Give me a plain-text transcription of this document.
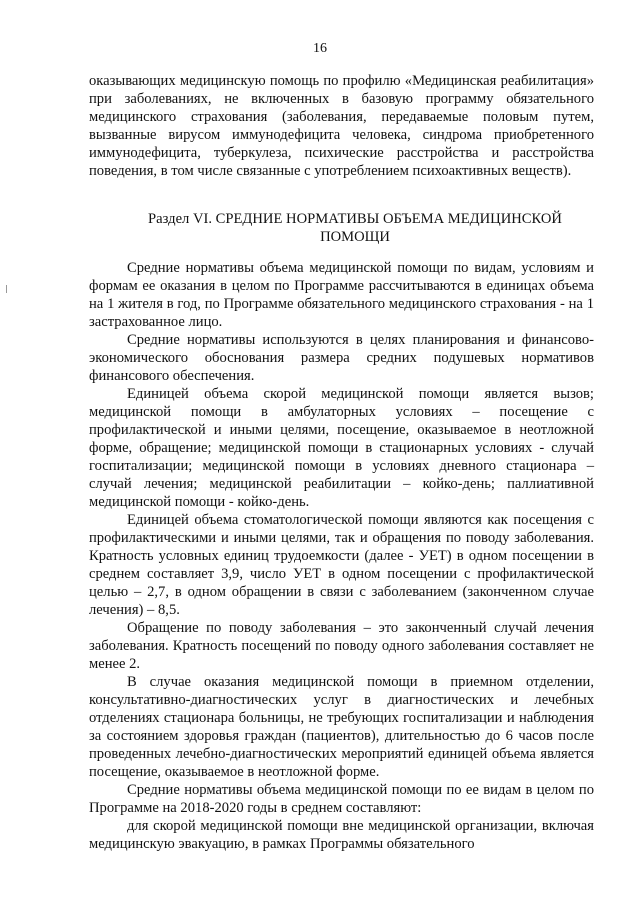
16

оказывающих медицинскую помощь по профилю «Медицинская реабилитация» при заболеваниях, не включенных в базовую программу обязательного медицинского страхования (заболевания, передаваемые половым путем, вызванные вирусом иммунодефицита человека, синдрома приобретенного иммунодефицита, туберкулеза, психические расстройства и расстройства поведения, в том числе связанные с употреблением психоактивных веществ).

Раздел VI. СРЕДНИЕ НОРМАТИВЫ ОБЪЕМА МЕДИЦИНСКОЙ ПОМОЩИ

Средние нормативы объема медицинской помощи по видам, условиям и формам ее оказания в целом по Программе рассчитываются в единицах объема на 1 жителя в год, по Программе обязательного медицинского страхования - на 1 застрахованное лицо.

Средние нормативы используются в целях планирования и финансово-экономического обоснования размера средних подушевых нормативов финансового обеспечения.

Единицей объема скорой медицинской помощи является вызов; медицинской помощи в амбулаторных условиях – посещение с профилактической и иными целями, посещение, оказываемое в неотложной форме, обращение; медицинской помощи в стационарных условиях - случай госпитализации; медицинской помощи в условиях дневного стационара – случай лечения; медицинской реабилитации – койко-день; паллиативной медицинской помощи - койко-день.

Единицей объема стоматологической помощи являются как посещения с профилактическими и иными целями, так и обращения по поводу заболевания. Кратность условных единиц трудоемкости (далее - УЕТ) в одном посещении в среднем составляет 3,9, число УЕТ в одном посещении с профилактической целью – 2,7, в одном обращении в связи с заболеванием (законченном случае лечения) – 8,5.

Обращение по поводу заболевания – это законченный случай лечения заболевания. Кратность посещений по поводу одного заболевания составляет не менее 2.

В случае оказания медицинской помощи в приемном отделении, консультативно-диагностических услуг в диагностических и лечебных отделениях стационара больницы, не требующих госпитализации и наблюдения за состоянием здоровья граждан (пациентов), длительностью до 6 часов после проведенных лечебно-диагностических мероприятий единицей объема является посещение, оказываемое в неотложной форме.

Средние нормативы объема медицинской помощи по ее видам в целом по Программе на 2018-2020 годы в среднем составляют:

для скорой медицинской помощи вне медицинской организации, включая медицинскую эвакуацию, в рамках Программы обязательного
